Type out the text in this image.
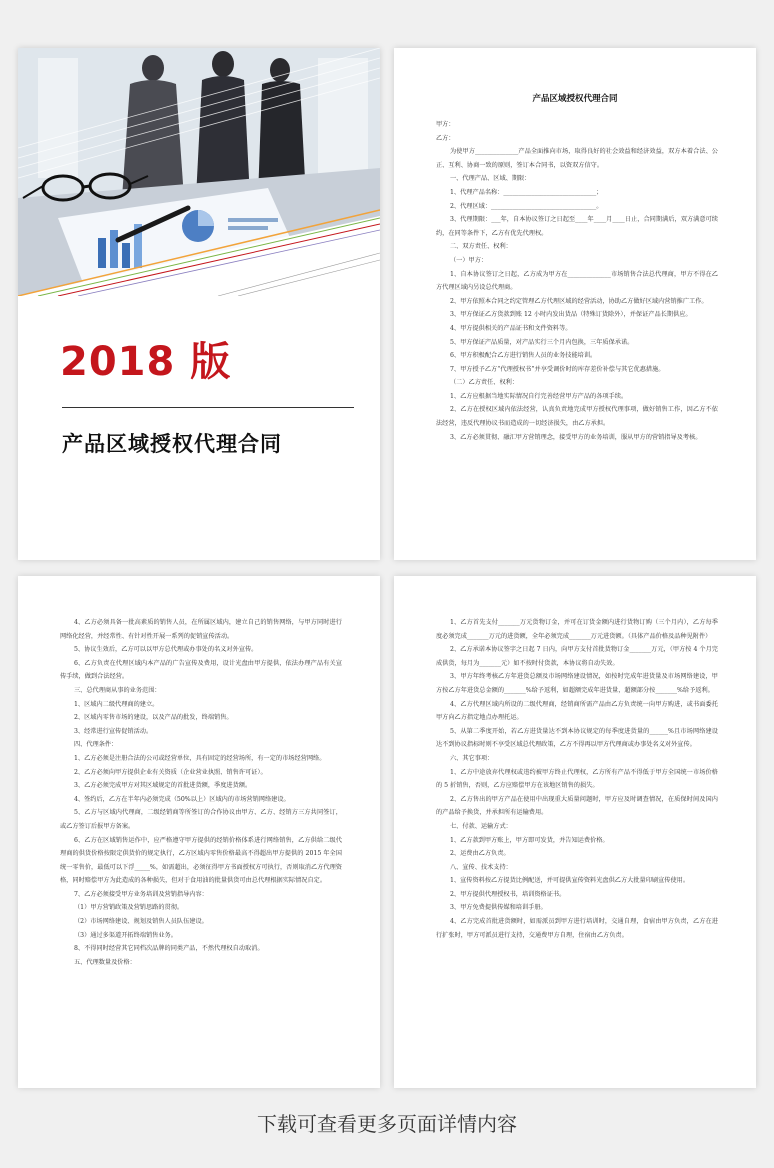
2018 版
产品区域授权代理合同
产品区域授权代理合同

甲方：

乙方：

为使甲方______________产品全面推向市场，取得良好的社会效益和经济效益，双方本着合法、公正、互利、协商一致的原则，签订本合同书，以资双方信守。

一、代理产品、区域、期限：

1、代理产品名称：______________________________；

2、代理区域：__________________________________。

3、代理期限：___年，自本协议签订之日起至____年____月____日止，合同期满后，双方满意可续约，在同等条件下，乙方有优先代理权。

二、双方责任、权利：

（一）甲方：

1、自本协议签订之日起，乙方成为甲方在______________市场销售合法总代理商，甲方不得在乙方代理区域内另设总代理商。

2、甲方依照本合同之约定管理乙方代理区域的经营活动，协助乙方做好区域内营销推广工作。

3、甲方保证乙方货款到账 12 小时内发出货品（特殊订货除外），并保证产品长期供应。

4、甲方提供相关的产品证书和文件资料等。

5、甲方保证产品质量，对产品实行三个月内包换，三年质保承诺。

6、甲方积极配合乙方进行销售人员的业务技能培训。

7、甲方授予乙方“代理授权书”并享受调价时的库存差价补偿与其它优惠措施。

（二）乙方责任、权利：

1、乙方应根据当地实际情况自行完善经营甲方产品的各项手续。

2、乙方在授权区域内依法经营，认真负责地完成甲方授权代理事项，做好销售工作，因乙方不依法经营，违反代理协议书而造成的一切经济损失，由乙方承担。

3、乙方必须贯彻、融汇甲方营销理念，接受甲方的业务培训，服从甲方的营销指导及考核。

​

4、乙方必须具备一批高素质的销售人员，在所属区域内，建立自己的销售网络，与甲方同时进行网络化经营，并经常性、有针对性开展一系列的促销宣传活动。

5、协议生效后，乙方可以以甲方总代理或办事处的名义对外宣传。

6、乙方负责在代理区域内本产品的广告宣传及费用，设计光盘由甲方提供，依法办理产品有关宣传手续，做到合法经营。

三、总代理商从事的业务范围：

1、区域内二级代理商的建立。

2、区域内零售市场的建设，以及产品的批发，终端销售。

3、经常进行宣传促销活动。

四、代理条件：

1、乙方必须是注册合法的公司或经营单位，具有固定的经营场所，有一定的市场经营网络。

2、乙方必须向甲方提供企业有关资质（企业营业执照、销售许可证）。

3、乙方必须完成甲方对其区域规定的首批进货额，季度进货额。

4、签约后，乙方在半年内必须完成（50%以上）区域内的市场营销网络建设。

5、乙方与区域内代理商，二级经销商等所签订的合作协议由甲方、乙方、经销方三方共同签订，或乙方签订后报甲方备案。

6、乙方在区域销售运作中，应严格遵守甲方提供的经销价格体系进行网络销售，乙方供给二级代理商的供货价格按限定供货价的规定执行，乙方区域内零售价格最高不得超出甲方提供的 2015 年全国统一零售价，最低可以下浮_____%，如需超出，必须征得甲方书面授权方可执行，否则取消乙方代理资格，同时赔偿甲方为此造成的各种损失，但对于食用油的批量供货可由总代理根据实际情况自定。

7、乙方必须接受甲方业务培训及营销指导内容：

（1）甲方营销政策及营销思路的贯彻。

（2）市场网络建设、规划及销售人员队伍建设。

（3）通过多渠道开拓终端销售业务。

8、不得同时经营其它同档次品牌的同类产品，不然代理权自动取消。

五、代理数量及价格：

1、乙方首先支付_______万元货物订金，并可在订货金额内进行货物订购（三个月内），乙方每季度必须完成_______万元的进货额，全年必须完成_______万元进货额。（具体产品价格及品种见附件）

2、乙方承诺本协议签字之日起 7 日内，向甲方支付首批货物订金_______万元，（甲方按 4 个月完成供货，每月为_______元）如不按时付货款，本协议将自动失效。

3、甲方年终考核乙方年进货总额及市场网络建设情况，如按时完成年进货量及市场网络建设，甲方按乙方年进货总金额的_______%给予返利，如超额完成年进货量，超额部分按_______%给予返利。

4、乙方代理区域内所设的二级代理商，经销商所需产品由乙方负责统一向甲方购进，或书面委托甲方向乙方指定地点办理托运。

5、从第二季度开始，若乙方进货量达不到本协议规定的每季度进货量的______%且市场网络建设达不到协议指标时则不享受区域总代理政策，乙方不得再以甲方代理商或办事处名义对外宣传。

六、其它事项：

1、乙方中途放弃代理权或违约被甲方终止代理权，乙方所有产品不得低于甲方全国统一市场价格的 5 折销售，否则，乙方应赔偿甲方在该地区销售的损失。

2、乙方售出的甲方产品在使用中出现重大质量问题时，甲方应及时调查情况，在质保时间及国内的产品给予换货，并承担所有运输费用。

七、付款、运输方式：

1、乙方款到甲方账上，甲方即可发货，并告知运费价格。

2、运费由乙方负责。

八、宣传、技术支持：

1、宣传资料按乙方提货比例配送，并可提供宣传资料光盘供乙方大批量印刷宣传使用。

2、甲方提供代理授权书，培训资格证书。

3、甲方免费提供传媒和培训手册。

4、乙方完成首批进货额时，如需派员到甲方进行培训时，交通自理，食宿由甲方负责，乙方在进行扩张时，甲方可派员进行支持，交通费甲方自理，住宿由乙方负责。

下载可查看更多页面详情内容
